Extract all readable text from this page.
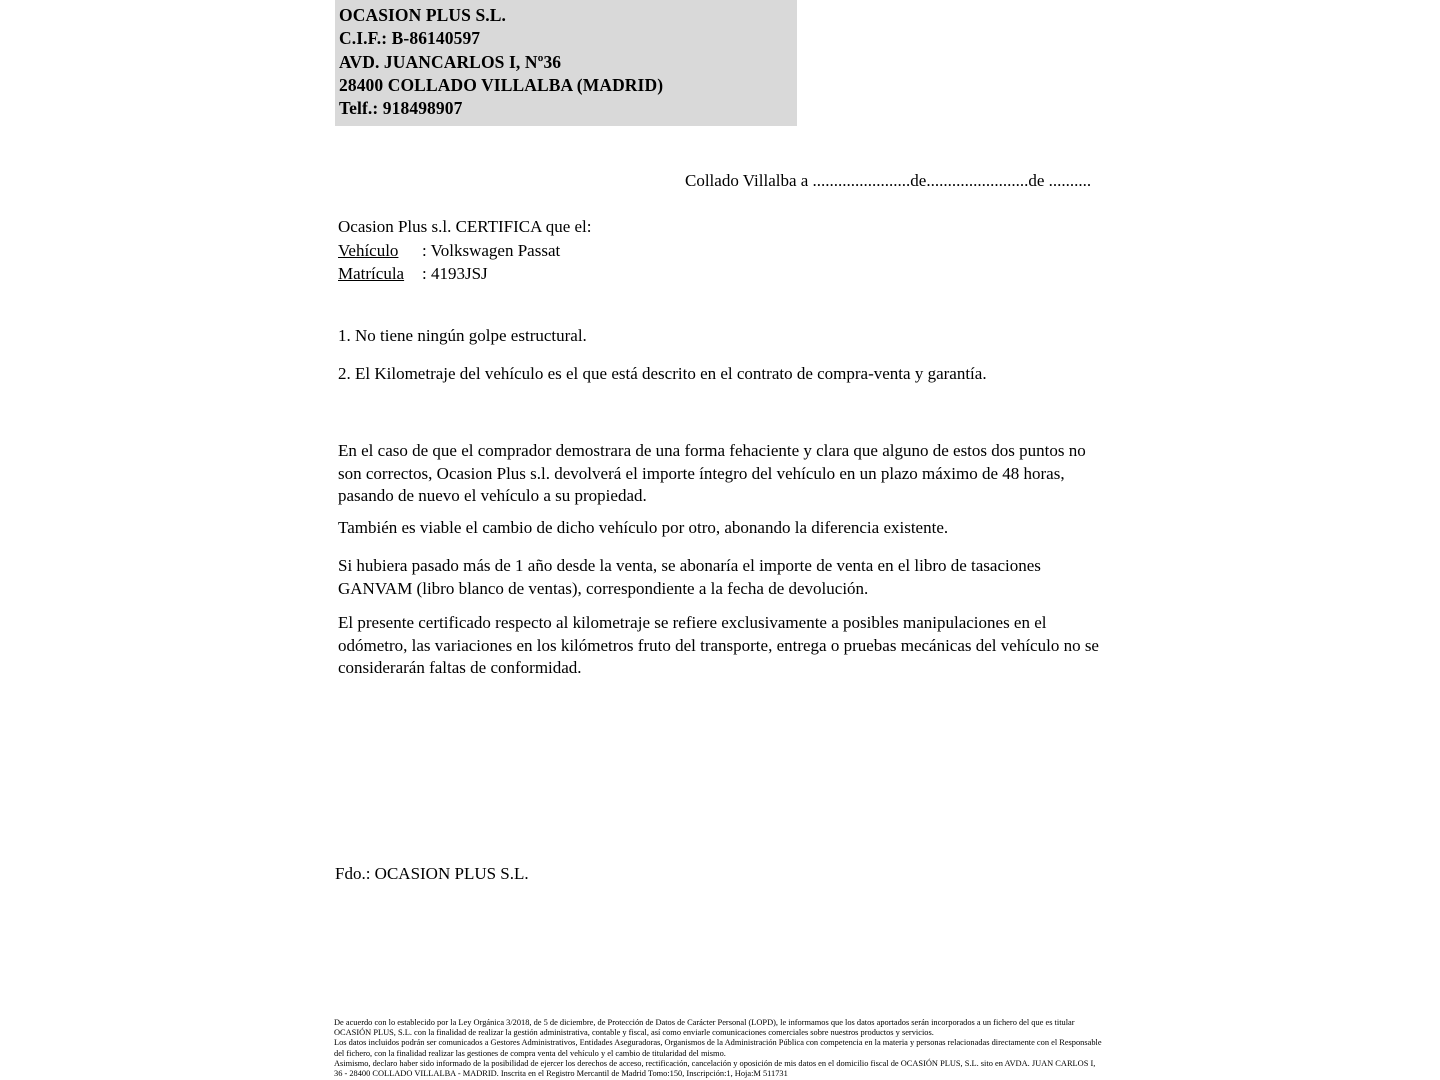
OCASION PLUS S.L.
C.I.F.: B-86140597
AVD. JUANCARLOS I, Nº36
28400 COLLADO VILLALBA (MADRID)
Telf.: 918498907
Collado Villalba a .......................de........................de ..........
Ocasion Plus s.l. CERTIFICA que el:
Vehículo : Volkswagen Passat
Matrícula : 4193JSJ
1. No tiene ningún golpe estructural.
2. El Kilometraje del vehículo es el que está descrito en el contrato de compra-venta y garantía.
En el caso de que el comprador demostrara de una forma fehaciente y clara que alguno de estos dos puntos no son correctos, Ocasion Plus s.l. devolverá el importe íntegro del vehículo en un plazo máximo de 48 horas, pasando de nuevo el vehículo a su propiedad.
También es viable el cambio de dicho vehículo por otro, abonando la diferencia existente.
Si hubiera pasado más de 1 año desde la venta, se abonaría el importe de venta en el libro de tasaciones GANVAM (libro blanco de ventas), correspondiente a la fecha de devolución.
El presente certificado respecto al kilometraje se refiere exclusivamente a posibles manipulaciones en el odómetro, las variaciones en los kilómetros fruto del transporte, entrega o pruebas mecánicas del vehículo no se considerarán faltas de conformidad.
Fdo.: OCASION PLUS S.L.

De acuerdo con lo establecido por la Ley Orgánica 3/2018, de 5 de diciembre, de Protección de Datos de Carácter Personal (LOPD), le informamos que los datos aportados serán incorporados a un fichero del que es titular OCASIÓN PLUS, S.L. con la finalidad de realizar la gestión administrativa, contable y fiscal, así como enviarle comunicaciones comerciales sobre nuestros productos y servicios.

Los datos incluidos podrán ser comunicados a Gestores Administrativos, Entidades Aseguradoras, Organismos de la Administración Pública con competencia en la materia y personas relacionadas directamente con el Responsable del fichero, con la finalidad realizar las gestiones de compra venta del vehículo y el cambio de titularidad del mismo.

Asimismo, declaro haber sido informado de la posibilidad de ejercer los derechos de acceso, rectificación, cancelación y oposición de mis datos en el domicilio fiscal de OCASIÓN PLUS, S.L. sito en AVDA. JUAN CARLOS I, 36 - 28400 COLLADO VILLALBA - MADRID. Inscrita en el Registro Mercantil de Madrid Tomo:150, Inscripción:1, Hoja:M 511731
